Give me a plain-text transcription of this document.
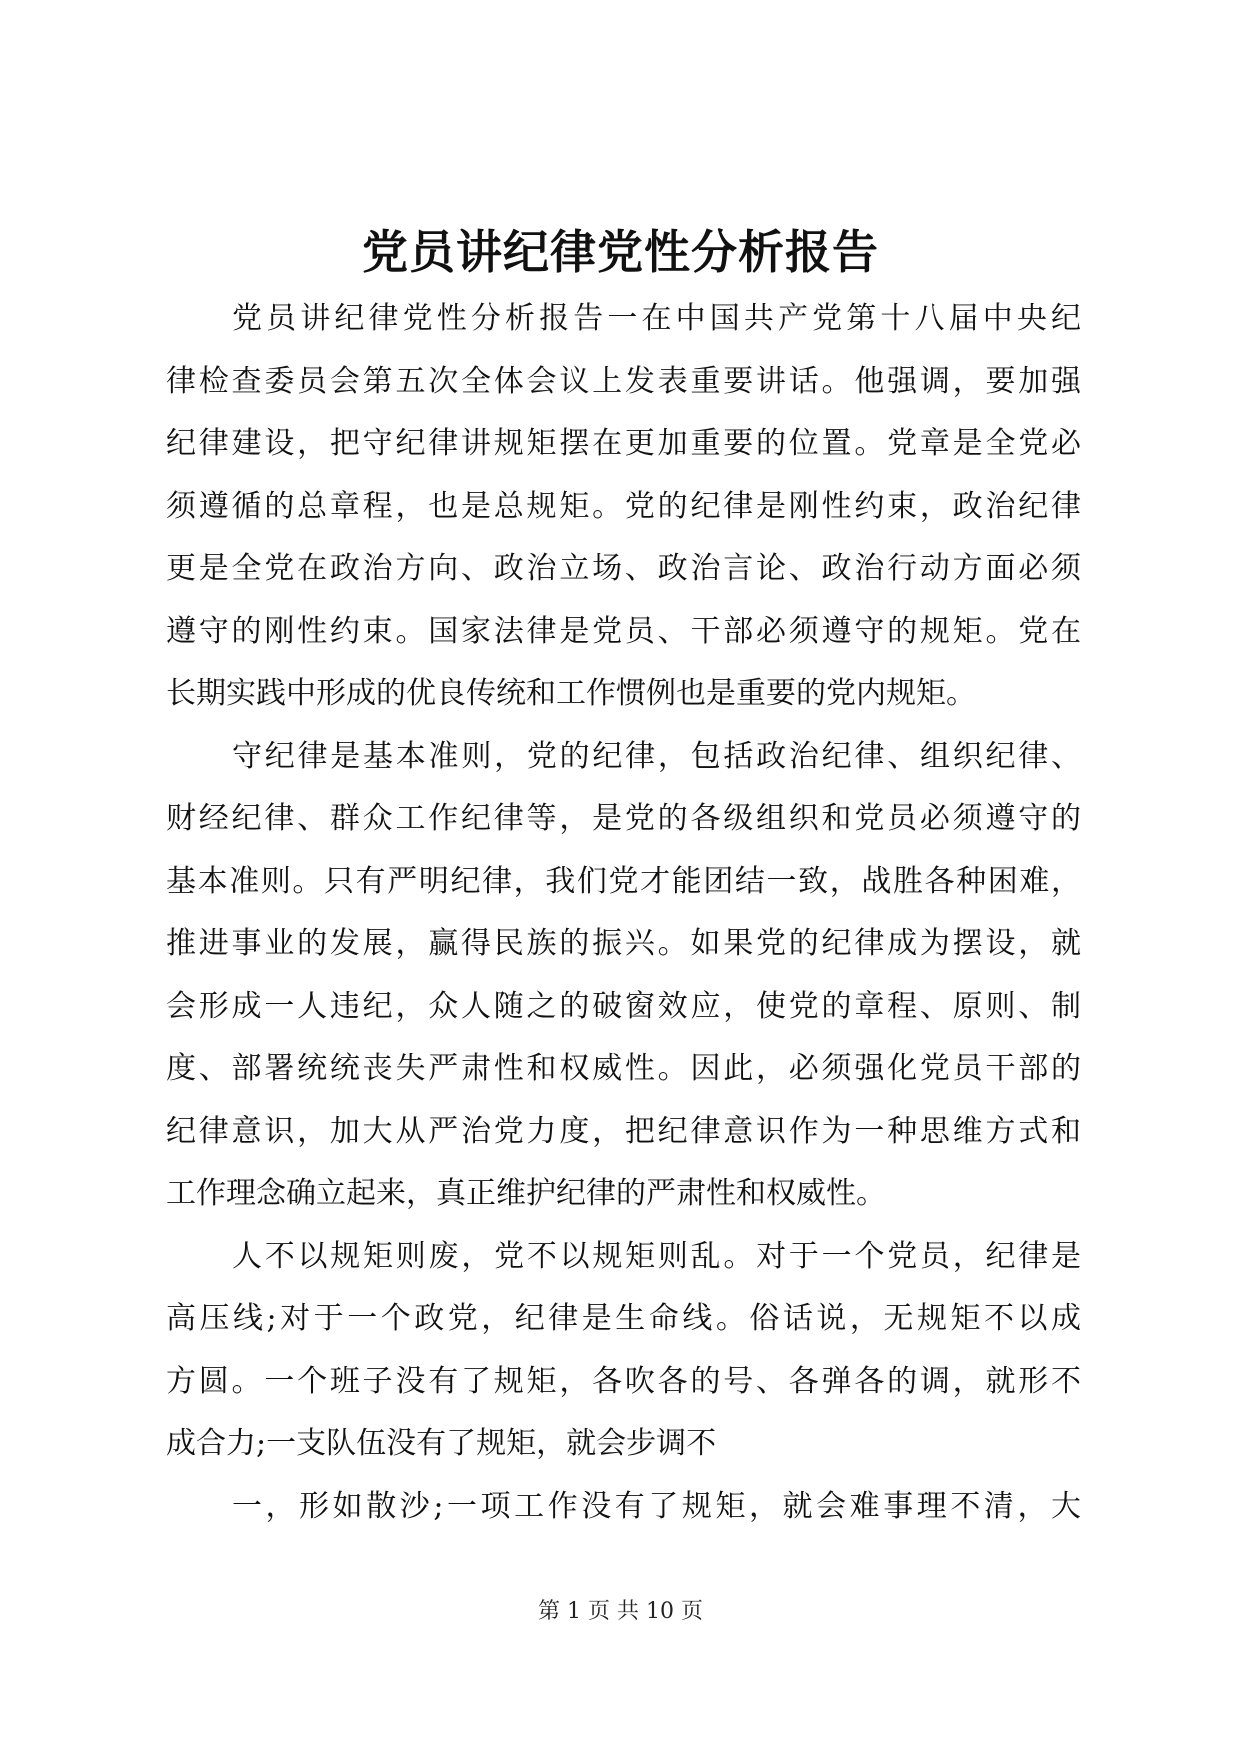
党员讲纪律党性分析报告
党员讲纪律党性分析报告一在中国共产党第十八届中央纪
律检查委员会第五次全体会议上发表重要讲话。他强调，要加强
纪律建设，把守纪律讲规矩摆在更加重要的位置。党章是全党必
须遵循的总章程，也是总规矩。党的纪律是刚性约束，政治纪律
更是全党在政治方向、政治立场、政治言论、政治行动方面必须
遵守的刚性约束。国家法律是党员、干部必须遵守的规矩。党在
长期实践中形成的优良传统和工作惯例也是重要的党内规矩。
守纪律是基本准则，党的纪律，包括政治纪律、组织纪律、
财经纪律、群众工作纪律等，是党的各级组织和党员必须遵守的
基本准则。只有严明纪律，我们党才能团结一致，战胜各种困难，
推进事业的发展，赢得民族的振兴。如果党的纪律成为摆设，就
会形成一人违纪，众人随之的破窗效应，使党的章程、原则、制
度、部署统统丧失严肃性和权威性。因此，必须强化党员干部的
纪律意识，加大从严治党力度，把纪律意识作为一种思维方式和
工作理念确立起来，真正维护纪律的严肃性和权威性。
人不以规矩则废，党不以规矩则乱。对于一个党员，纪律是
高压线;对于一个政党，纪律是生命线。俗话说，无规矩不以成
方圆。一个班子没有了规矩，各吹各的号、各弹各的调，就形不
成合力;一支队伍没有了规矩，就会步调不
一，形如散沙;一项工作没有了规矩，就会难事理不清，大
第 1 页 共 10 页
